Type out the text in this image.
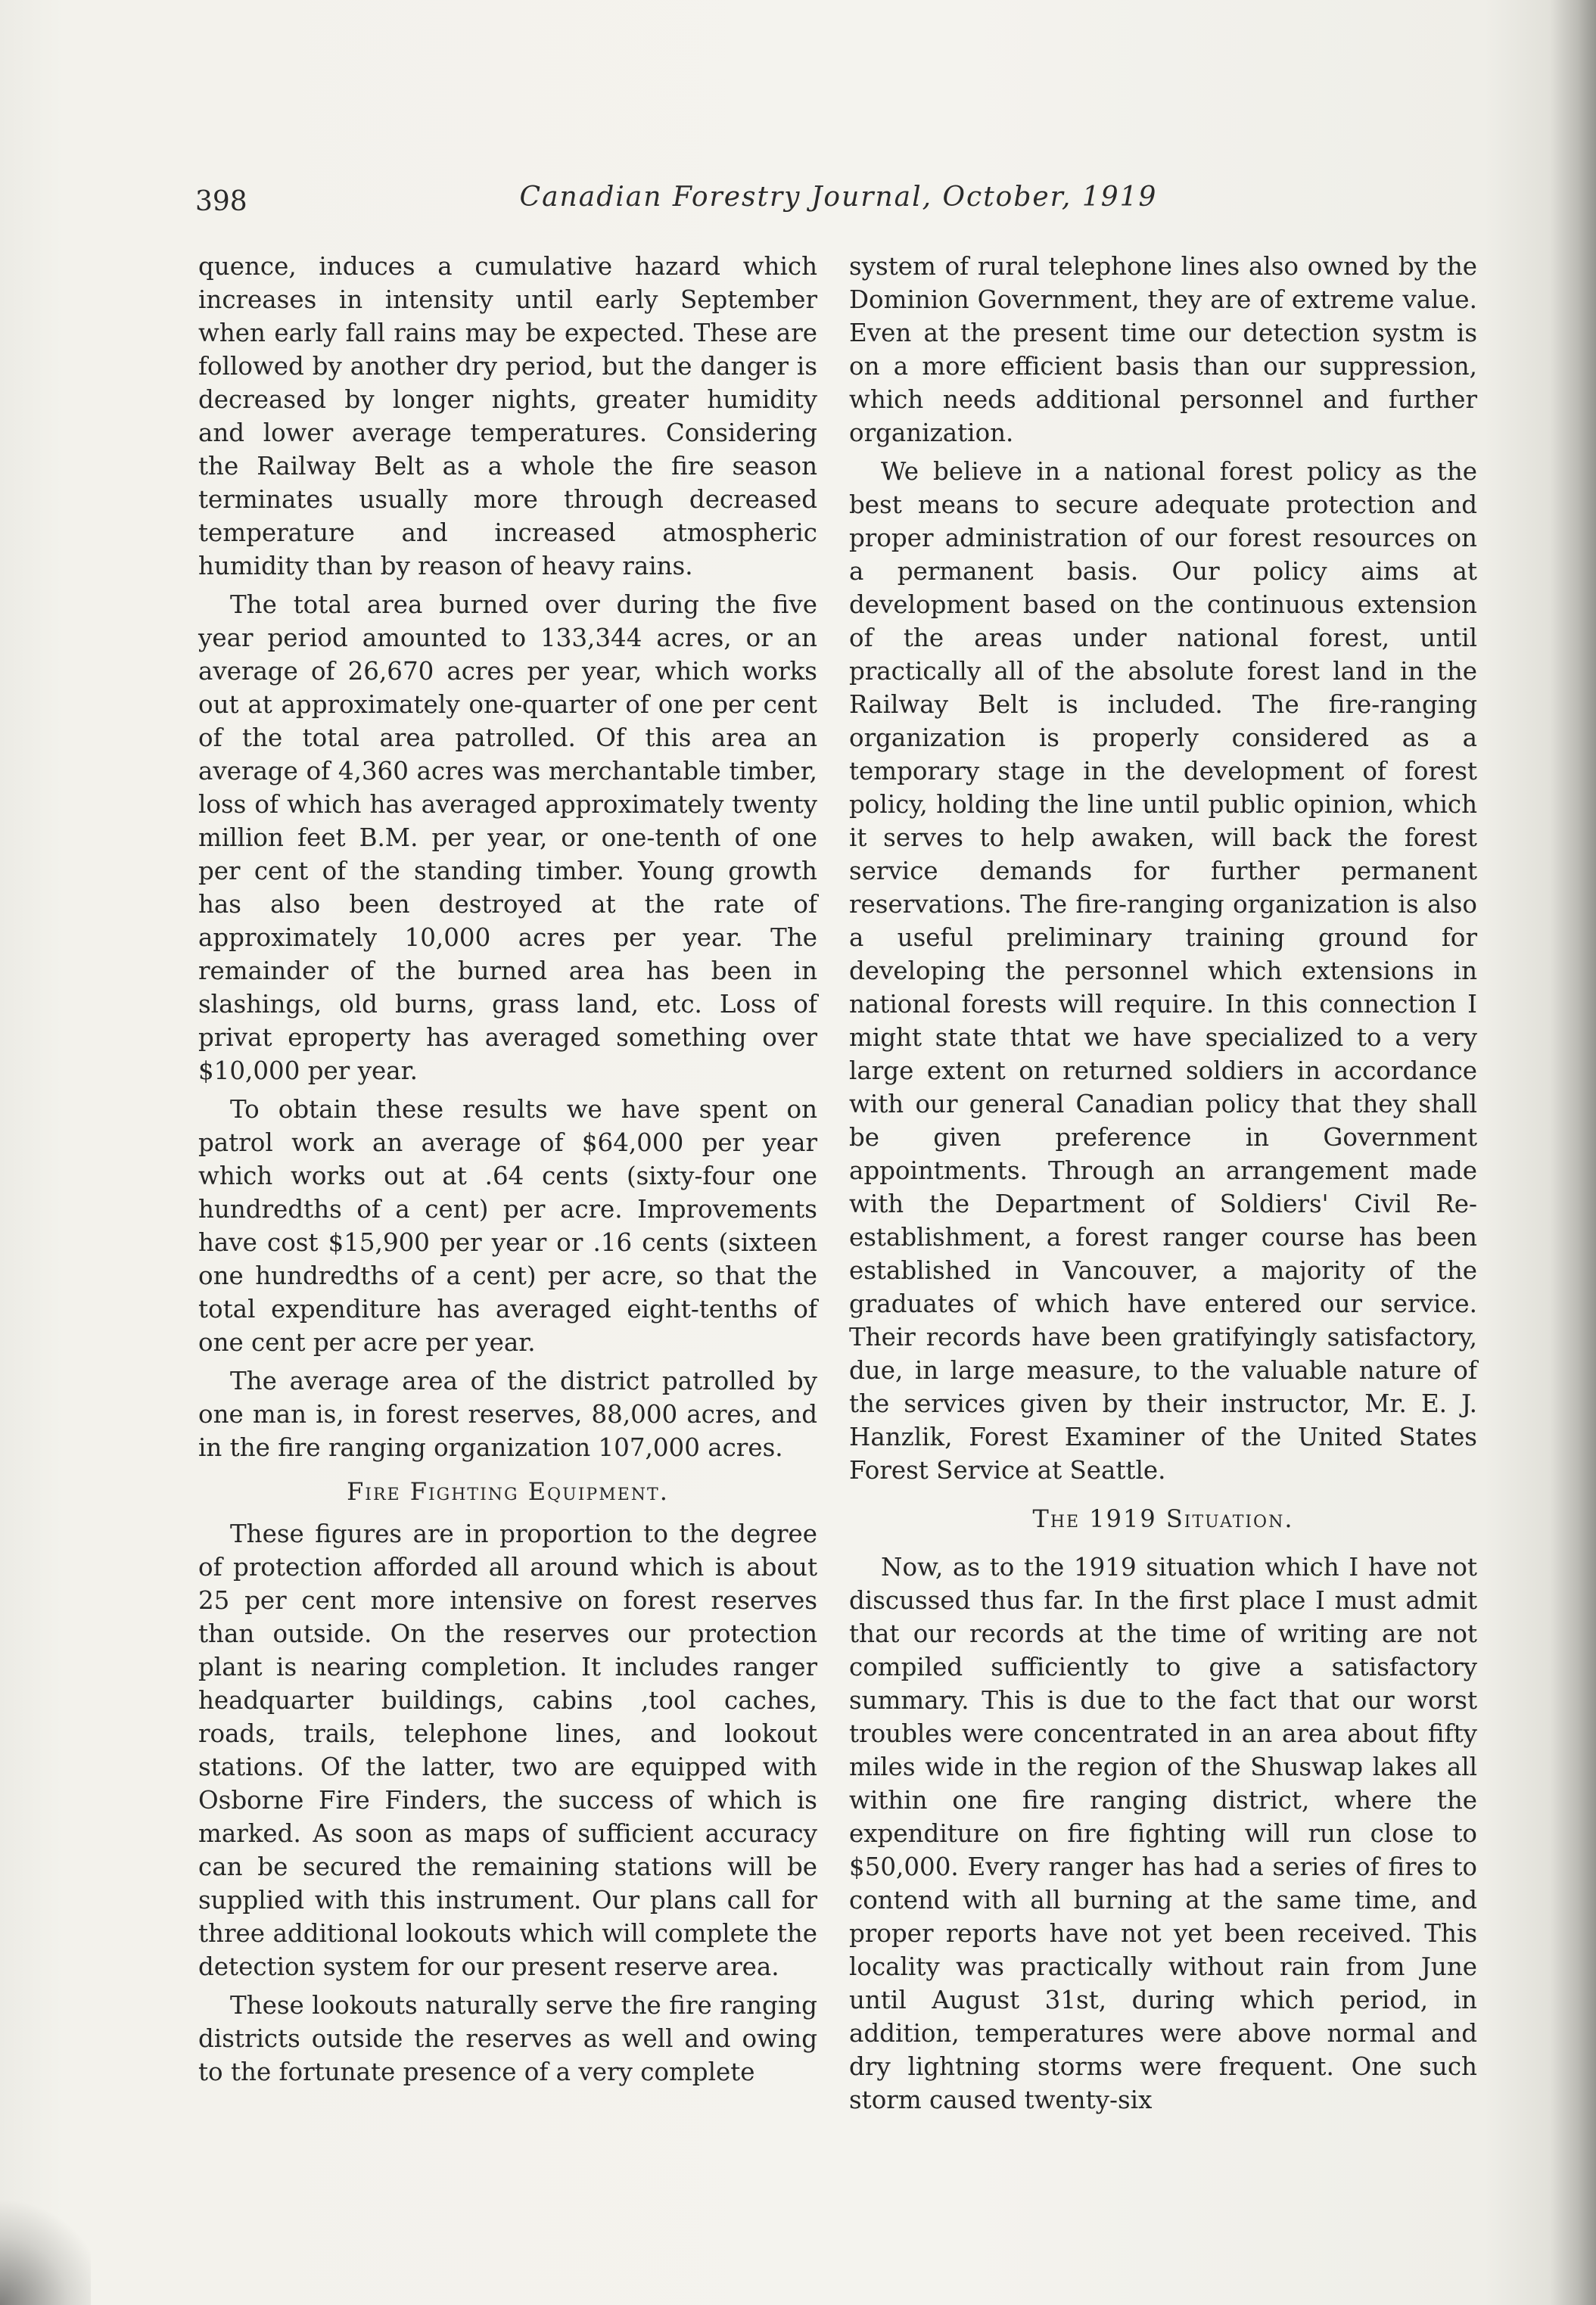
398	Canadian Forestry Journal, October, 1919

quence, induces a cumulative hazard which increases in intensity until early September when early fall rains may be expected. These are followed by another dry period, but the danger is decreased by longer nights, greater humidity and lower average temperatures. Considering the Railway Belt as a whole the fire season terminates usually more through decreased temperature and increased atmospheric humidity than by reason of heavy rains.

The total area burned over during the five year period amounted to 133,344 acres, or an average of 26,670 acres per year, which works out at approximately one-quarter of one per cent of the total area patrolled. Of this area an average of 4,360 acres was merchantable timber, loss of which has averaged approximately twenty million feet B.M. per year, or one-tenth of one per cent of the standing timber. Young growth has also been destroyed at the rate of approximately 10,000 acres per year. The remainder of the burned area has been in slashings, old burns, grass land, etc. Loss of privat eproperty has averaged something over $10,000 per year.

To obtain these results we have spent on patrol work an average of $64,000 per year which works out at .64 cents (sixty-four one hundredths of a cent) per acre. Improvements have cost $15,900 per year or .16 cents (sixteen one hundredths of a cent) per acre, so that the total expenditure has averaged eight-tenths of one cent per acre per year.

The average area of the district patrolled by one man is, in forest reserves, 88,000 acres, and in the fire ranging organization 107,000 acres.

Fire Fighting Equipment.

These figures are in proportion to the degree of protection afforded all around which is about 25 per cent more intensive on forest reserves than outside. On the reserves our protection plant is nearing completion. It includes ranger headquarter buildings, cabins ,tool caches, roads, trails, telephone lines, and lookout stations. Of the latter, two are equipped with Osborne Fire Finders, the success of which is marked. As soon as maps of sufficient accuracy can be secured the remaining stations will be supplied with this instrument. Our plans call for three additional lookouts which will complete the detection system for our present reserve area.

These lookouts naturally serve the fire ranging districts outside the reserves as well and owing to the fortunate presence of a very complete

system of rural telephone lines also owned by the Dominion Government, they are of extreme value. Even at the present time our detection systm is on a more efficient basis than our suppression, which needs additional personnel and further organization.

We believe in a national forest policy as the best means to secure adequate protection and proper administration of our forest resources on a permanent basis. Our policy aims at development based on the continuous extension of the areas under national forest, until practically all of the absolute forest land in the Railway Belt is included. The fire-ranging organization is properly considered as a temporary stage in the development of forest policy, holding the line until public opinion, which it serves to help awaken, will back the forest service demands for further permanent reservations. The fire-ranging organization is also a useful preliminary training ground for developing the personnel which extensions in national forests will require. In this connection I might state thtat we have specialized to a very large extent on returned soldiers in accordance with our general Canadian policy that they shall be given preference in Government appointments. Through an arrangement made with the Department of Soldiers' Civil Re-establishment, a forest ranger course has been established in Vancouver, a majority of the graduates of which have entered our service. Their records have been gratifyingly satisfactory, due, in large measure, to the valuable nature of the services given by their instructor, Mr. E. J. Hanzlik, Forest Examiner of the United States Forest Service at Seattle.

The 1919 Situation.

Now, as to the 1919 situation which I have not discussed thus far. In the first place I must admit that our records at the time of writing are not compiled sufficiently to give a satisfactory summary. This is due to the fact that our worst troubles were concentrated in an area about fifty miles wide in the region of the Shuswap lakes all within one fire ranging district, where the expenditure on fire fighting will run close to $50,000. Every ranger has had a series of fires to contend with all burning at the same time, and proper reports have not yet been received. This locality was practically without rain from June until August 31st, during which period, in addition, temperatures were above normal and dry lightning storms were frequent. One such storm caused twenty-six
